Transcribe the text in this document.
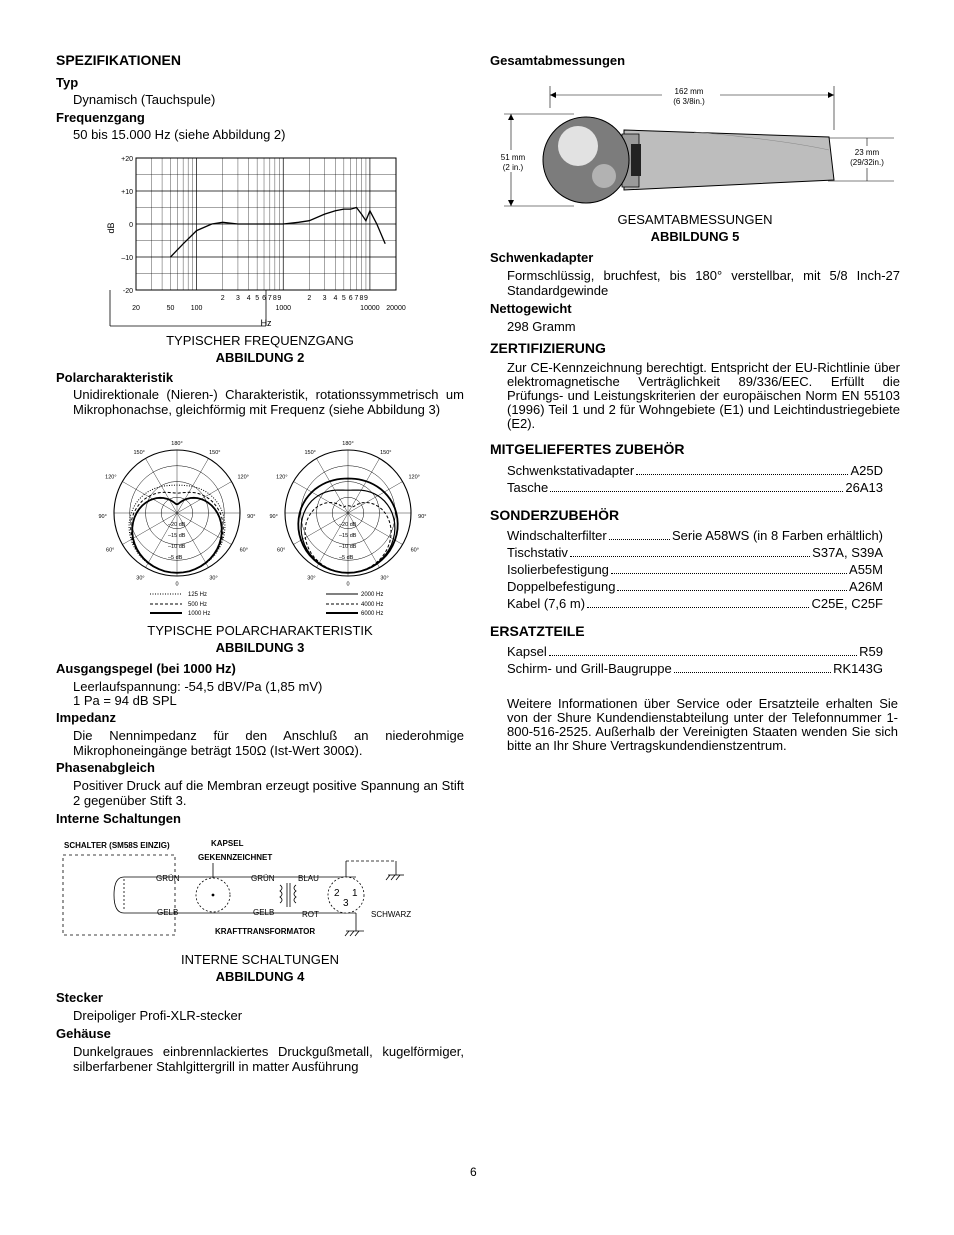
SPEZIFIKATIONEN
Typ
Dynamisch (Tauchspule)
Frequenzgang
50 bis 15.000 Hz (siehe Abbildung 2)
+20
+10
0
–10
-20
20	50 100
2 3 4 5 6 7 8 9
1000
2 3 4 5 6 7 8 9
10000 20000
dB
Hz
TYPISCHER FREQUENZGANG
ABBILDUNG 2
Polarcharakteristik
Unidirektionale (Nieren-) Charakteristik, rotationssymmetrisch um Mikrophonachse, gleichförmig mit Frequenz (siehe Abbildung 3)
180°
150°	150°
120°	120°
90°	90°
60°	60°
30°	30°
0
–20 dB
–15 dB
–10 dB
–5 dB
180°
150°	150°
120°	120°
90°	90°
60°	60°
30°	30°
0
–20 dB
–15 dB
–10 dB
–5 dB
125 Hz
500 Hz
1000 Hz
2000 Hz
4000 Hz
6000 Hz
TYPISCHE POLARCHARAKTERISTIK
ABBILDUNG 3
Ausgangspegel (bei 1000 Hz)
Leerlaufspannung: -54,5 dBV/Pa (1,85 mV)
1 Pa = 94 dB SPL
Impedanz
Die Nennimpedanz für den Anschluß an niederohmige Mikrophoneingänge beträgt 150Ω (Ist-Wert 300Ω).
Phasenabgleich
Positiver Druck auf die Membran erzeugt positive Spannung an Stift 2 gegenüber Stift 3.
Interne Schaltungen
SCHALTER (SM58S EINZIG)	KAPSEL
GEKENNZEICHNET
GRÜN
GELB
GRÜN
GELB
BLAU
ROT
KRAFTTRANSFORMATOR
2 1
3
SCHWARZ
INTERNE SCHALTUNGEN
ABBILDUNG 4
Stecker
Dreipoliger Profi-XLR-stecker
Gehäuse
Dunkelgraues einbrennlackiertes Druckgußmetall, kugelförmiger, silberfarbener Stahlgittergrill in matter Ausführung
Gesamtabmessungen
162 mm
(6 3/8in.)
51 mm
(2 in.)
23 mm
(29/32in.)
GESAMTABMESSUNGEN
ABBILDUNG 5
Schwenkadapter
Formschlüssig, bruchfest, bis 180° verstellbar, mit 5/8 Inch-27 Standardgewinde
Nettogewicht
298 Gramm
ZERTIFIZIERUNG
Zur CE-Kennzeichnung berechtigt. Entspricht der EU-Richtlinie über elektromagnetische Verträglichkeit 89/336/EEC. Erfüllt die Prüfungs- und Leistungskriterien der europäischen Norm EN 55103 (1996) Teil 1 und 2 für Wohngebiete (E1) und Leichtindustriegebiete (E2).
MITGELIEFERTES ZUBEHÖR
Schwenkstativadapter	A25D
Tasche	26A13
SONDERZUBEHÖR
Windschalterfilter	Serie A58WS (in 8 Farben erhältlich)
Tischstativ	S37A, S39A
Isolierbefestigung	A55M
Doppelbefestigung	A26M
Kabel (7,6 m)	C25E, C25F
ERSATZTEILE
Kapsel	R59
Schirm- und Grill-Baugruppe	RK143G
Weitere Informationen über Service oder Ersatzteile erhalten Sie von der Shure Kundendienstabteilung unter der Telefonnummer 1-800-516-2525. Außerhalb der Vereinigten Staaten wenden Sie sich bitte an Ihr Shure Vertragskundendienstzentrum.
6
